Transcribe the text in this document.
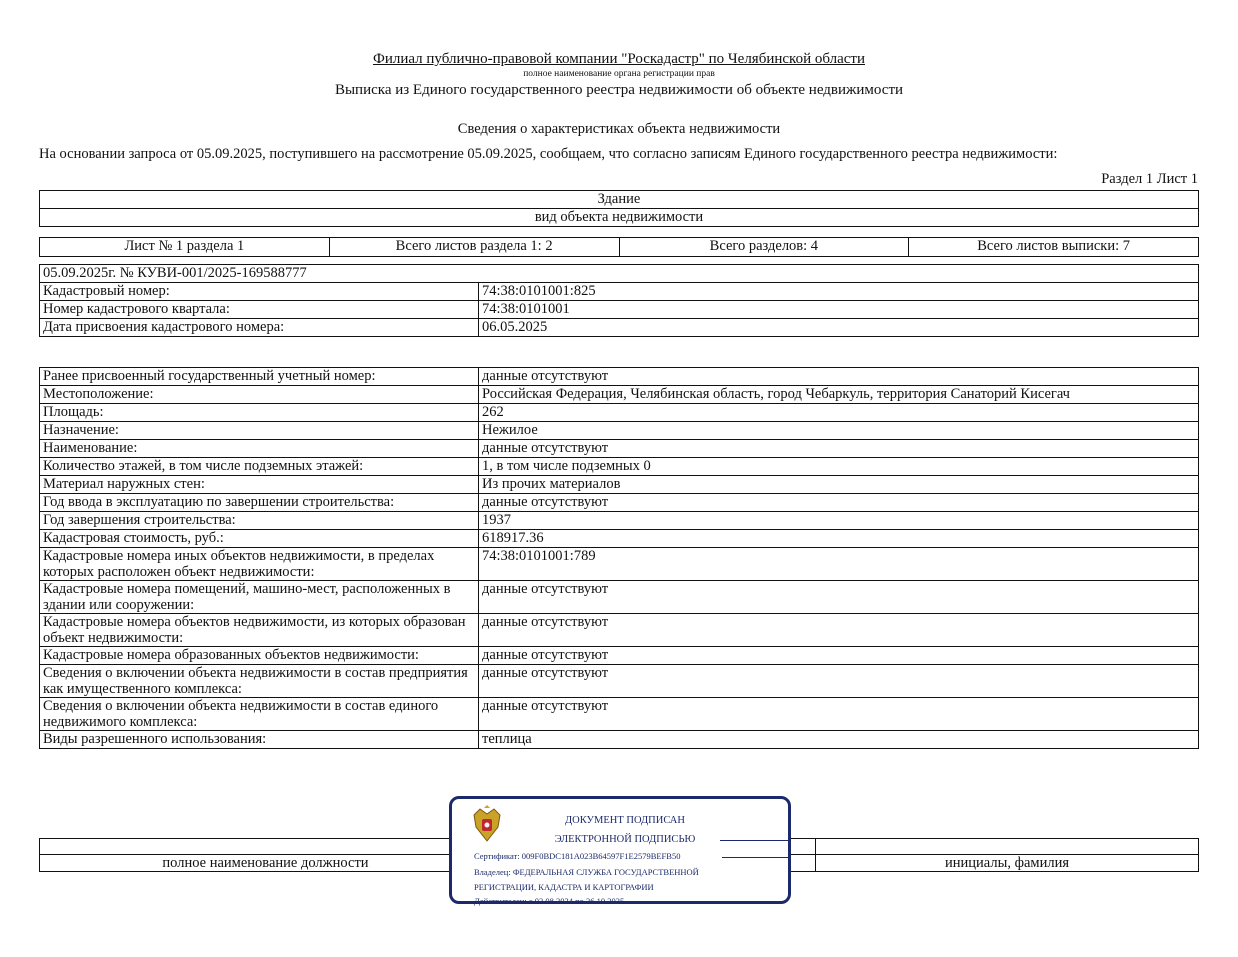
Филиал публично-правовой компании "Роскадастр" по Челябинской области
полное наименование органа регистрации прав
Выписка из Единого государственного реестра недвижимости об объекте недвижимости
Сведения о характеристиках объекта недвижимости
На основании запроса от 05.09.2025, поступившего на рассмотрение 05.09.2025, сообщаем, что согласно записям Единого государственного реестра недвижимости:
Раздел 1 Лист 1
Здание
вид объекта недвижимости
Лист № 1 раздела 1	Всего листов раздела 1: 2	Всего разделов: 4	Всего листов выписки: 7
05.09.2025г. № КУВИ-001/2025-169588777	
Кадастровый номер:	74:38:0101001:825
Номер кадастрового квартала:	74:38:0101001
Дата присвоения кадастрового номера:	06.05.2025
Ранее присвоенный государственный учетный номер:	данные отсутствуют
Местоположение:	Российская Федерация, Челябинская область, город Чебаркуль, территория Санаторий Кисегач
Площадь:	262
Назначение:	Нежилое
Наименование:	данные отсутствуют
Количество этажей, в том числе подземных этажей:	1, в том числе подземных 0
Материал наружных стен:	Из прочих материалов
Год ввода в эксплуатацию по завершении строительства:	данные отсутствуют
Год завершения строительства:	1937
Кадастровая стоимость, руб.:	618917.36
Кадастровые номера иных объектов недвижимости, в пределах которых расположен объект недвижимости:	74:38:0101001:789
Кадастровые номера помещений, машино-мест, расположенных в здании или сооружении:	данные отсутствуют
Кадастровые номера объектов недвижимости, из которых образован объект недвижимости:	данные отсутствуют
Кадастровые номера образованных объектов недвижимости:	данные отсутствуют
Сведения о включении объекта недвижимости в состав предприятия как имущественного комплекса:	данные отсутствуют
Сведения о включении объекта недвижимости в состав единого недвижимого комплекса:	данные отсутствуют
Виды разрешенного использования:	теплица

полное наименование должности		инициалы, фамилия
ДОКУМЕНТ ПОДПИСАН
ЭЛЕКТРОННОЙ ПОДПИСЬЮ
Сертификат: 009F0BDC181A023B64597F1E2579BEFB50
Владелец: ФЕДЕРАЛЬНАЯ СЛУЖБА ГОСУДАРСТВЕННОЙ
РЕГИСТРАЦИИ, КАДАСТРА И КАРТОГРАФИИ
Действителен: с 02.08.2024 по 26.10.2025
